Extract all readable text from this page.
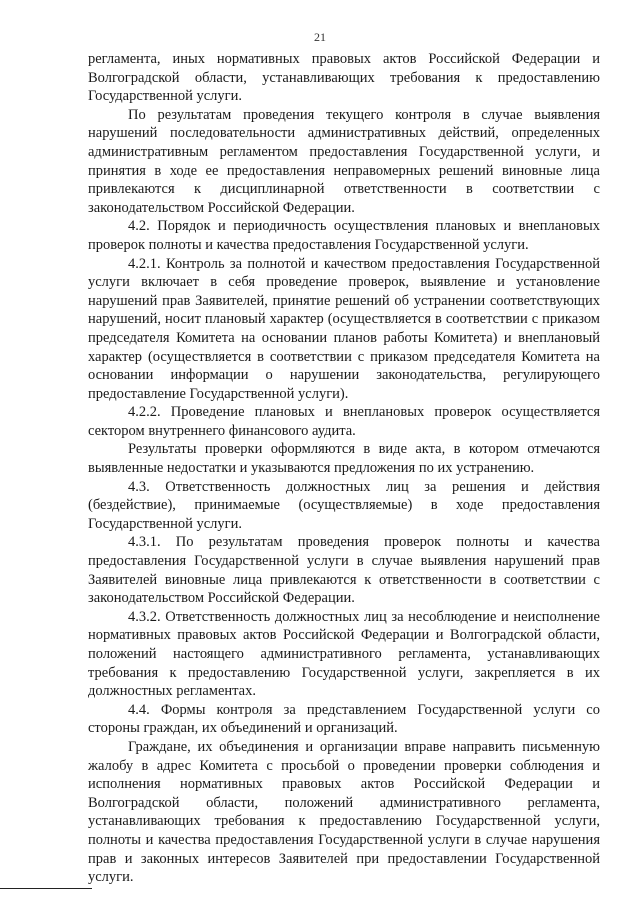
21

регламента, иных нормативных правовых актов Российской Федерации и Волгоградской области, устанавливающих требования к предоставлению Государственной услуги.

По результатам проведения текущего контроля в случае выявления нарушений последовательности административных действий, определенных административным регламентом предоставления Государственной услуги, и принятия в ходе ее предоставления неправомерных решений виновные лица привлекаются к дисциплинарной ответственности в соответствии с законодательством Российской Федерации.

4.2. Порядок и периодичность осуществления плановых и внеплановых проверок полноты и качества предоставления Государственной услуги.

4.2.1. Контроль за полнотой и качеством предоставления Государственной услуги включает в себя проведение проверок, выявление и установление нарушений прав Заявителей, принятие решений об устранении соответствующих нарушений, носит плановый характер (осуществляется в соответствии с приказом председателя Комитета на основании планов работы Комитета) и внеплановый характер (осуществляется в соответствии с приказом председателя Комитета на основании информации о нарушении законодательства, регулирующего предоставление Государственной услуги).

4.2.2. Проведение плановых и внеплановых проверок осуществляется сектором внутреннего финансового аудита.

Результаты проверки оформляются в виде акта, в котором отмечаются выявленные недостатки и указываются предложения по их устранению.

4.3. Ответственность должностных лиц за решения и действия (бездействие), принимаемые (осуществляемые) в ходе предоставления Государственной услуги.

4.3.1. По результатам проведения проверок полноты и качества предоставления Государственной услуги в случае выявления нарушений прав Заявителей виновные лица привлекаются к ответственности в соответствии с законодательством Российской Федерации.

4.3.2. Ответственность должностных лиц за несоблюдение и неисполнение нормативных правовых актов Российской Федерации и Волгоградской области, положений настоящего административного регламента, устанавливающих требования к предоставлению Государственной услуги, закрепляется в их должностных регламентах.

4.4. Формы контроля за представлением Государственной услуги со стороны граждан, их объединений и организаций.

Граждане, их объединения и организации вправе направить письменную жалобу в адрес Комитета с просьбой о проведении проверки соблюдения и исполнения нормативных правовых актов Российской Федерации и Волгоградской области, положений административного регламента, устанавливающих требования к предоставлению Государственной услуги, полноты и качества предоставления Государственной услуги в случае нарушения прав и законных интересов Заявителей при предоставлении Государственной услуги.
